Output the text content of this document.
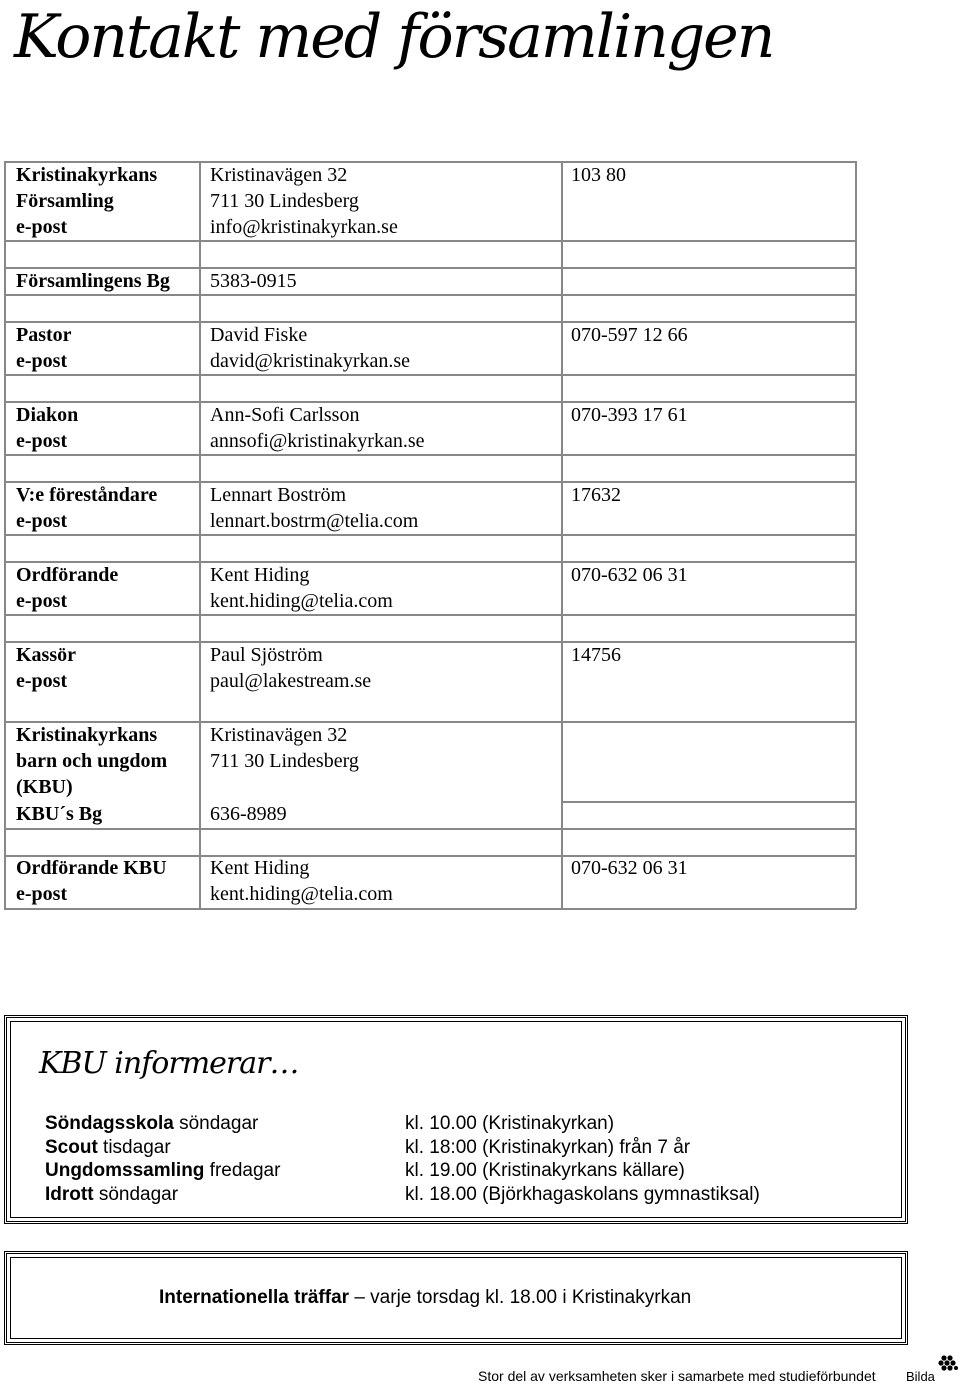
Kontakt med församlingen
Kristinakyrkans
Församling
e-post
Kristinavägen 32
711 30 Lindesberg
info@kristinakyrkan.se
103 80
Församlingens Bg 5383-0915
Pastor
e-post
David Fiske
david@kristinakyrkan.se
070-597 12 66
Diakon
e-post
Ann-Sofi Carlsson
annsofi@kristinakyrkan.se
070-393 17 61
V:e föreståndare
e-post
Lennart Boström
lennart.bostrm@telia.com
17632
Ordförande
e-post
Kent Hiding
kent.hiding@telia.com
070-632 06 31
Kassör
e-post
Paul Sjöström
paul@lakestream.se
14756
Kristinakyrkans
barn och ungdom
(KBU)
Kristinavägen 32
711 30 Lindesberg
KBU´s Bg	636-8989
Ordförande KBU
e-post
Kent Hiding
kent.hiding@telia.com
070-632 06 31
KBU informerar…
Söndagsskola söndagar
Scout tisdagar
Ungdomssamling fredagar
Idrott söndagar
kl. 10.00 (Kristinakyrkan)
kl. 18:00 (Kristinakyrkan) från 7 år
kl. 19.00 (Kristinakyrkans källare)
kl. 18.00 (Björkhagaskolans gymnastiksal)
Internationella träffar – varje torsdag kl. 18.00 i Kristinakyrkan
Stor del av verksamheten sker i samarbete med studieförbundet Bilda
